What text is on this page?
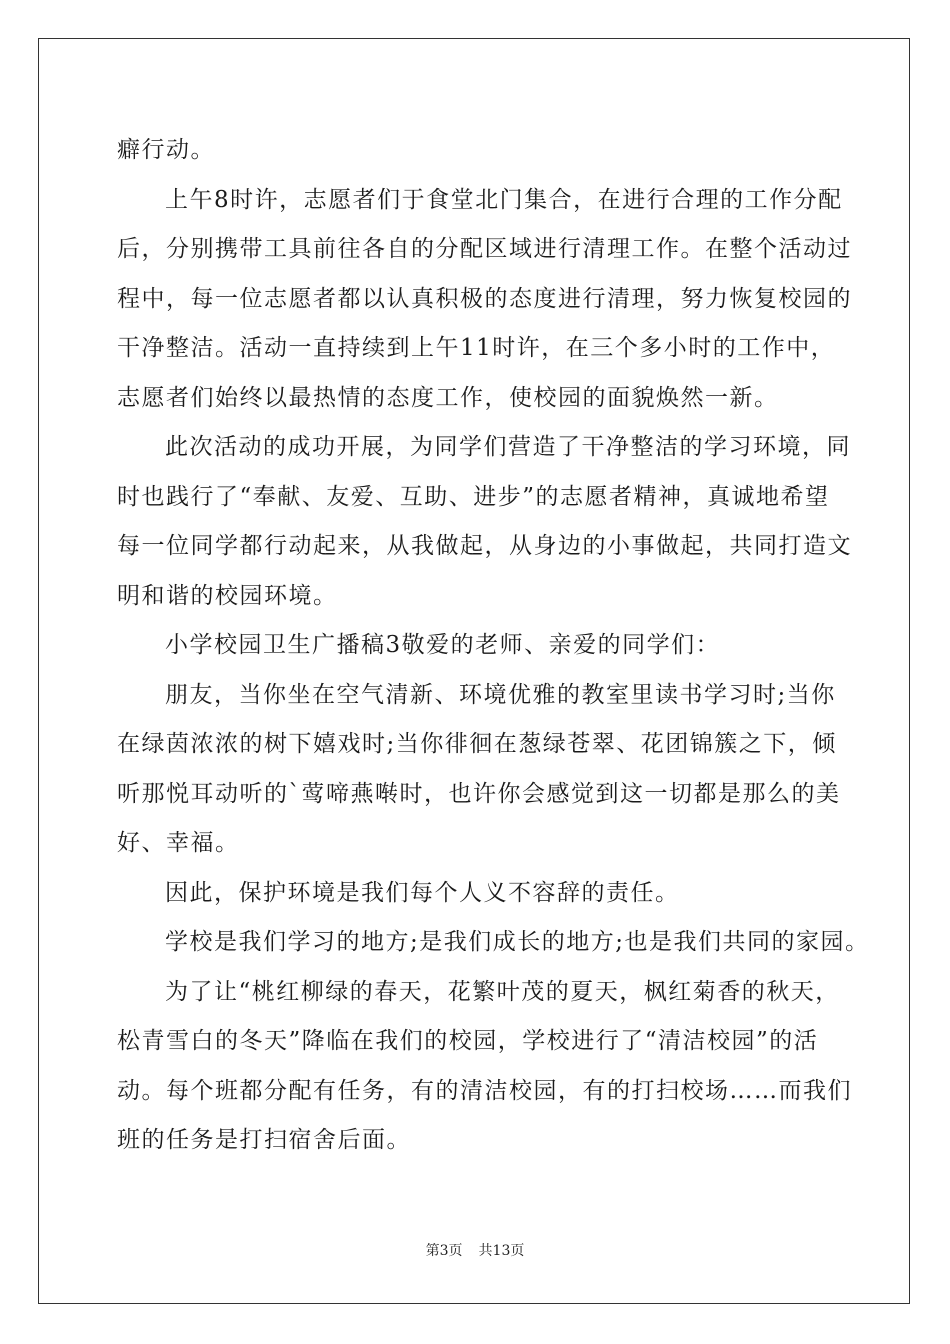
癖行动。
上午8时许，志愿者们于食堂北门集合，在进行合理的工作分配
后，分别携带工具前往各自的分配区域进行清理工作。在整个活动过
程中，每一位志愿者都以认真积极的态度进行清理，努力恢复校园的
干净整洁。活动一直持续到上午11时许，在三个多小时的工作中，
志愿者们始终以最热情的态度工作，使校园的面貌焕然一新。
此次活动的成功开展，为同学们营造了干净整洁的学习环境，同
时也践行了“奉献、友爱、互助、进步”的志愿者精神，真诚地希望
每一位同学都行动起来，从我做起，从身边的小事做起，共同打造文
明和谐的校园环境。
小学校园卫生广播稿3敬爱的老师、亲爱的同学们：
朋友，当你坐在空气清新、环境优雅的教室里读书学习时;当你
在绿茵浓浓的树下嬉戏时;当你徘徊在葱绿苍翠、花团锦簇之下，倾
听那悦耳动听的`莺啼燕啭时，也许你会感觉到这一切都是那么的美
好、幸福。
因此，保护环境是我们每个人义不容辞的责任。
学校是我们学习的地方;是我们成长的地方;也是我们共同的家园。
为了让“桃红柳绿的春天，花繁叶茂的夏天，枫红菊香的秋天，
松青雪白的冬天”降临在我们的校园，学校进行了“清洁校园”的活
动。每个班都分配有任务，有的清洁校园，有的打扫校场……而我们
班的任务是打扫宿舍后面。
第3页 共13页
